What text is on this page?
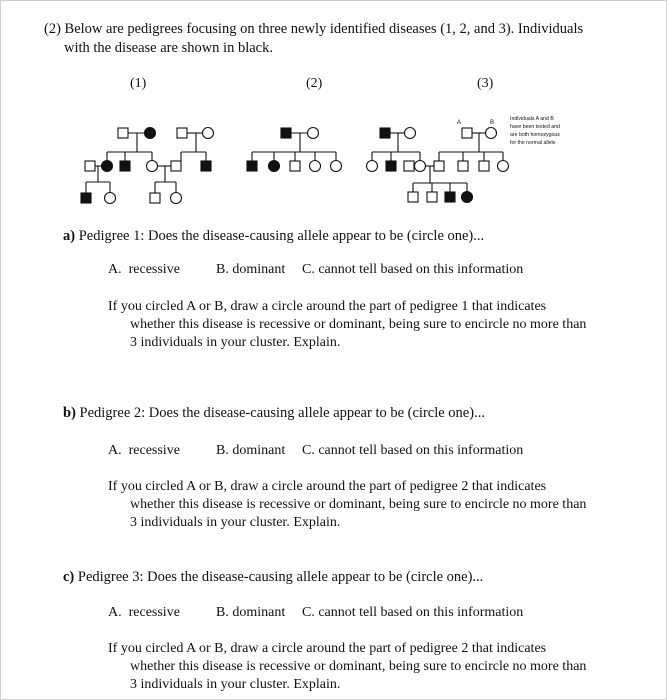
(2) Below are pedigrees focusing on three newly identified diseases (1, 2, and 3). Individuals
with the disease are shown in black.
(1)	(2)	(3)
A	B
Individuals A and B have been tested and are both homozygous for the normal allele
a) Pedigree 1: Does the disease-causing allele appear to be (circle one)...
A.  recessive	B. dominant C. cannot tell based on this information
If you circled A or B, draw a circle around the part of pedigree 1 that indicates
whether this disease is recessive or dominant, being sure to encircle no more than
3 individuals in your cluster. Explain.
b) Pedigree 2: Does the disease-causing allele appear to be (circle one)...
A.  recessive	B. dominant C. cannot tell based on this information
If you circled A or B, draw a circle around the part of pedigree 2 that indicates
whether this disease is recessive or dominant, being sure to encircle no more than
3 individuals in your cluster. Explain.
c) Pedigree 3: Does the disease-causing allele appear to be (circle one)...
A.  recessive	B. dominant C. cannot tell based on this information
If you circled A or B, draw a circle around the part of pedigree 2 that indicates
whether this disease is recessive or dominant, being sure to encircle no more than
3 individuals in your cluster. Explain.
